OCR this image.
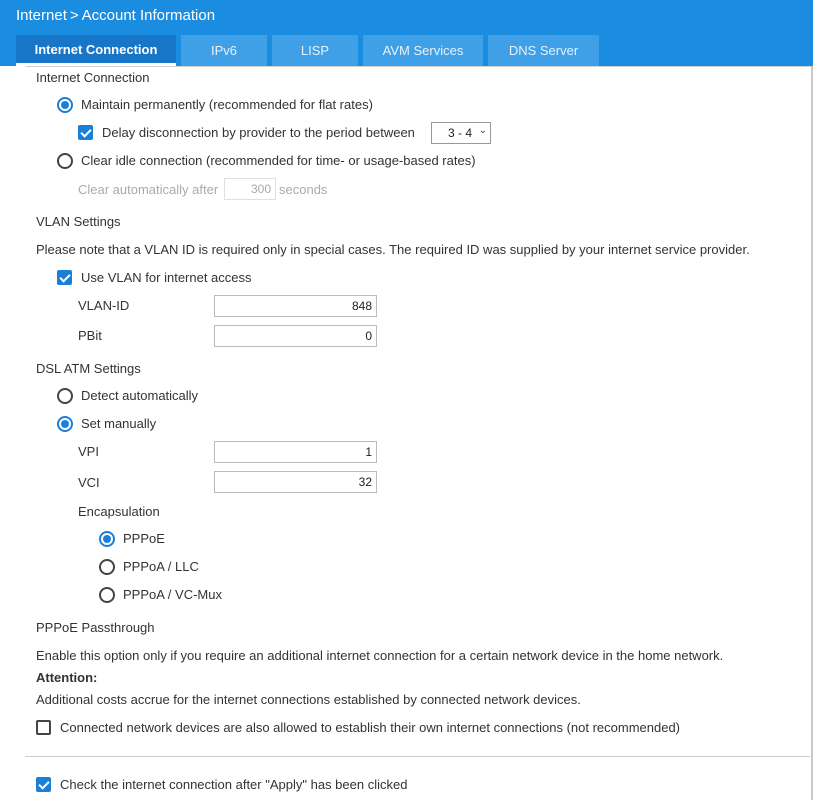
Internet > Account Information
Internet Connection	IPv6	LISP	AVM Services	DNS Server
Internet Connection
Maintain permanently (recommended for flat rates)
Delay disconnection by provider to the period between	3 - 4 ⌄
Clear idle connection (recommended for time- or usage-based rates)
Clear automatically after	300 seconds
VLAN Settings
Please note that a VLAN ID is required only in special cases. The required ID was supplied by your internet service provider.
Use VLAN for internet access
VLAN-ID	848
PBit	0
DSL ATM Settings
Detect automatically
Set manually
VPI	1
VCI	32
Encapsulation
PPPoE
PPPoA / LLC
PPPoA / VC-Mux
PPPoE Passthrough
Enable this option only if you require an additional internet connection for a certain network device in the home network.
Attention:
Additional costs accrue for the internet connections established by connected network devices.
Connected network devices are also allowed to establish their own internet connections (not recommended)
Check the internet connection after "Apply" has been clicked
